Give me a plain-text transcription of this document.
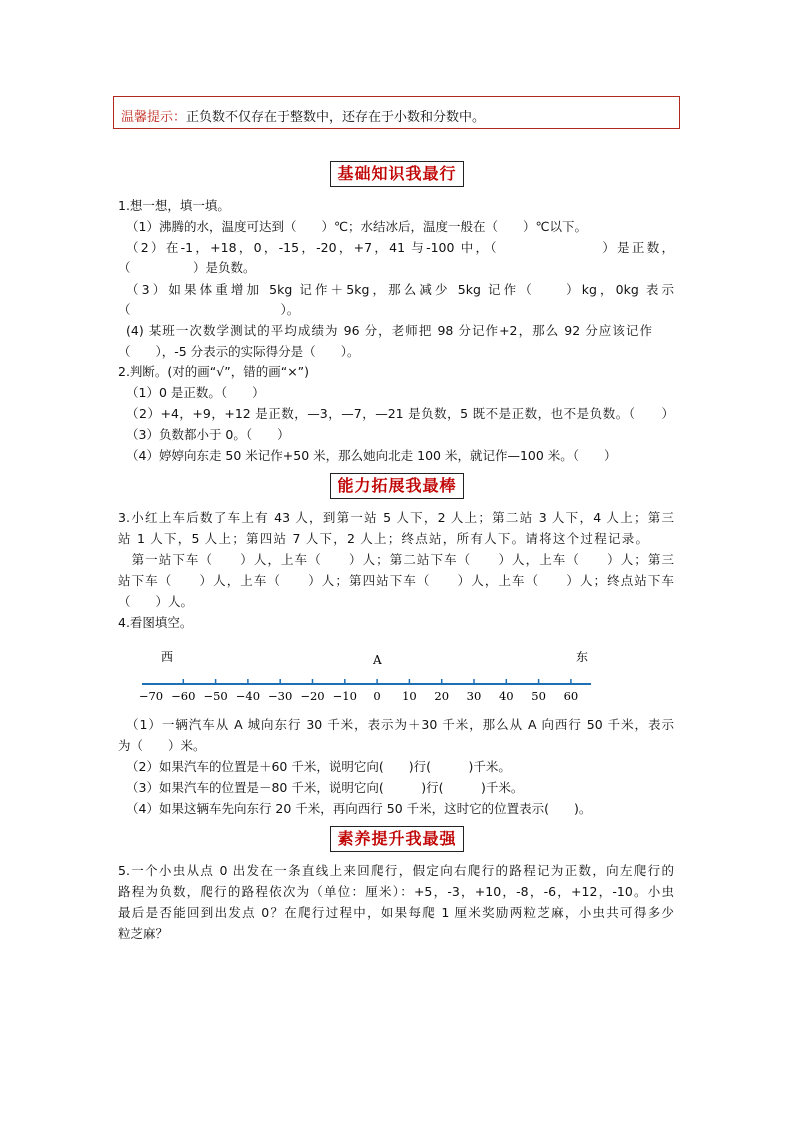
温馨提示：正负数不仅存在于整数中，还存在于小数和分数中。
基础知识我最行
1.想一想，填一填。
（1）沸腾的水，温度可达到（　　）℃；水结冰后，温度一般在（　　）℃以下。
（2）在-1，+18，0，-15，-20，+7，41 与-100 中，（　　　　　　　）是正数，
（　　　　　）是负数。
（3）如果体重增加 5kg 记作＋5kg，那么减少 5kg 记作（　　）kg，0kg 表示
（　　　　　　　　　　　　）。
(4) 某班一次数学测试的平均成绩为 96 分，老师把 98 分记作+2，那么 92 分应该记作
（　　），-5 分表示的实际得分是（　　）。
2.判断。(对的画“√”，错的画“×”)
（1）0 是正数。（　　）
（2）+4，+9，+12 是正数，—3，—7，—21 是负数，5 既不是正数，也不是负数。（　　）
（3）负数都小于 0。（　　）
（4）婷婷向东走 50 米记作+50 米，那么她向北走 100 米，就记作—100 米。（　　）
能力拓展我最棒
3.小红上车后数了车上有 43 人，到第一站 5 人下，2 人上；第二站 3 人下，4 人上；第三
站 1 人下，5 人上；第四站 7 人下，2 人上；终点站，所有人下。请将这个过程记录。
　第一站下车（　　）人，上车（　　）人；第二站下车（　　）人，上车（　　）人；第三
站下车（　　）人，上车（　　）人；第四站下车（　　）人，上车（　　）人；终点站下车
（　　）人。
4.看图填空。
西	A	东
−70 −60 −50 −40 −30 −20 −10 0 10 20 30 40 50 60
（1）一辆汽车从 A 城向东行 30 千米，表示为＋30 千米，那么从 A 向西行 50 千米，表示
为（　　）米。
（2）如果汽车的位置是＋60 千米，说明它向(　　)行(　　　)千米。
（3）如果汽车的位置是－80 千米，说明它向(　　　)行(　　　)千米。
（4）如果这辆车先向东行 20 千米，再向西行 50 千米，这时它的位置表示(　　)。
素养提升我最强
5.一个小虫从点 0 出发在一条直线上来回爬行，假定向右爬行的路程记为正数，向左爬行的
路程为负数，爬行的路程依次为（单位：厘米）：+5，-3，+10，-8，-6，+12，-10。小虫
最后是否能回到出发点 0？在爬行过程中，如果每爬 1 厘米奖励两粒芝麻，小虫共可得多少
粒芝麻？
